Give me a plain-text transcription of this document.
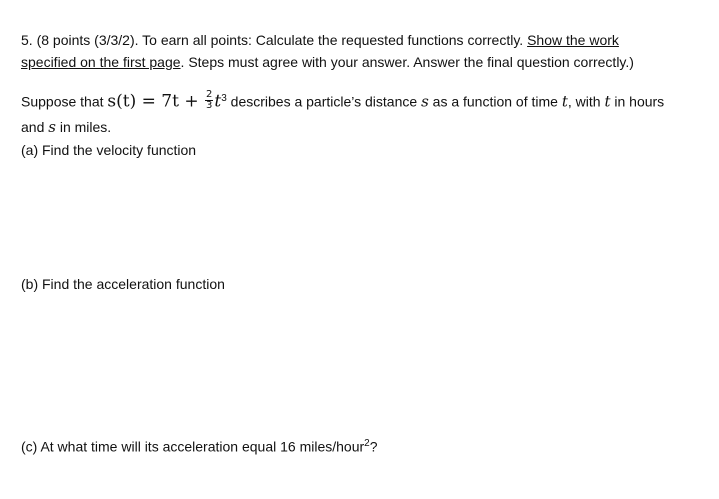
5. (8 points (3/3/2). To earn all points: Calculate the requested functions correctly. Show the work
specified on the first page. Steps must agree with your answer. Answer the final question correctly.)
Suppose that $s(t) = 7t + \frac{2}{3} t^3$ describes a particle’s distance s as a function of time t, with t in hours
and s in miles.
(a) Find the velocity function
(b) Find the acceleration function
(c) At what time will its acceleration equal 16 miles/hour$^2$?
